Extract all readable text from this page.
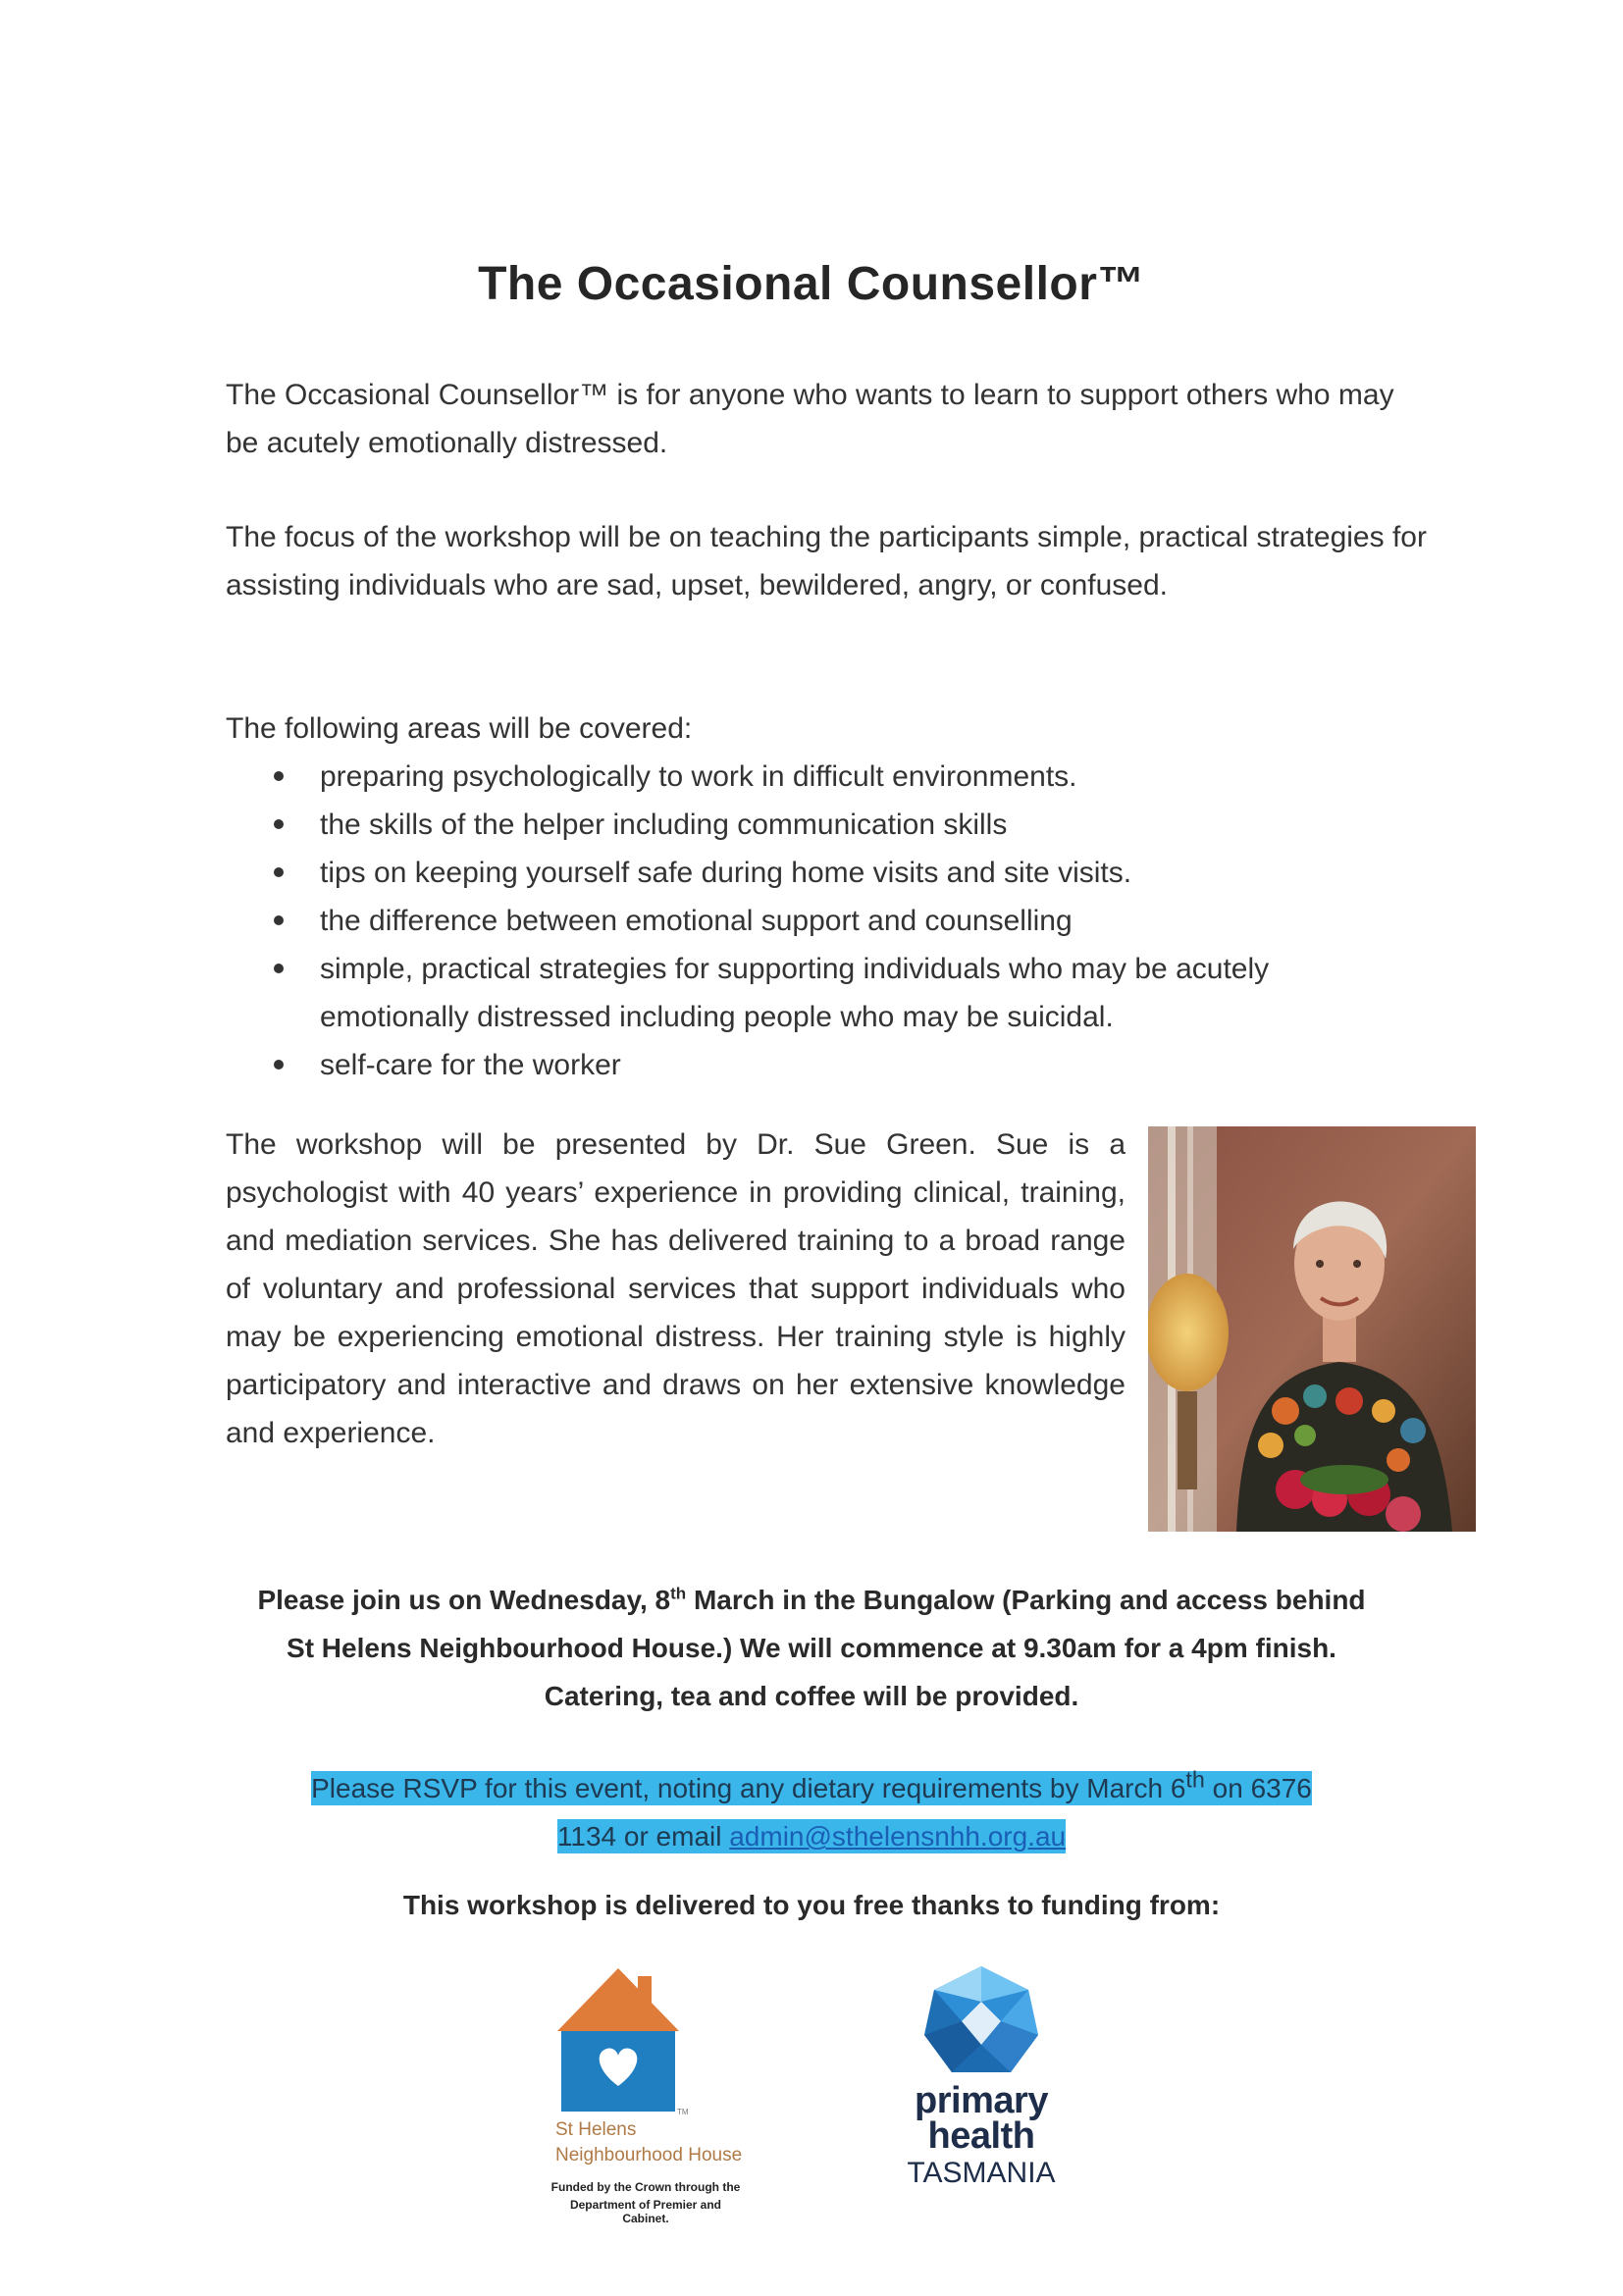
The Occasional Counsellor™
The Occasional Counsellor™ is for anyone who wants to learn to support others who may be acutely emotionally distressed.
The focus of the workshop will be on teaching the participants simple, practical strategies for assisting individuals who are sad, upset, bewildered, angry, or confused.
The following areas will be covered:
preparing psychologically to work in difficult environments.
the skills of the helper including communication skills
tips on keeping yourself safe during home visits and site visits.
the difference between emotional support and counselling
simple, practical strategies for supporting individuals who may be acutely emotionally distressed including people who may be suicidal.
self-care for the worker
The workshop will be presented by Dr. Sue Green. Sue is a psychologist with 40 years’ experience in providing clinical, training, and mediation services. She has delivered training to a broad range of voluntary and professional services that support individuals who may be experiencing emotional distress. Her training style is highly participatory and interactive and draws on her extensive knowledge and experience.
Please join us on Wednesday, 8th March in the Bungalow (Parking and access behind
St Helens Neighbourhood House.) We will commence at 9.30am for a 4pm finish.
Catering, tea and coffee will be provided.
Please RSVP for this event, noting any dietary requirements by March 6th on 6376
1134 or email admin@sthelensnhh.org.au
This workshop is delivered to you free thanks to funding from:
TM
St Helens
Neighbourhood House
Funded by the Crown through the
Department of Premier and Cabinet.
primary
health
TASMANIA
